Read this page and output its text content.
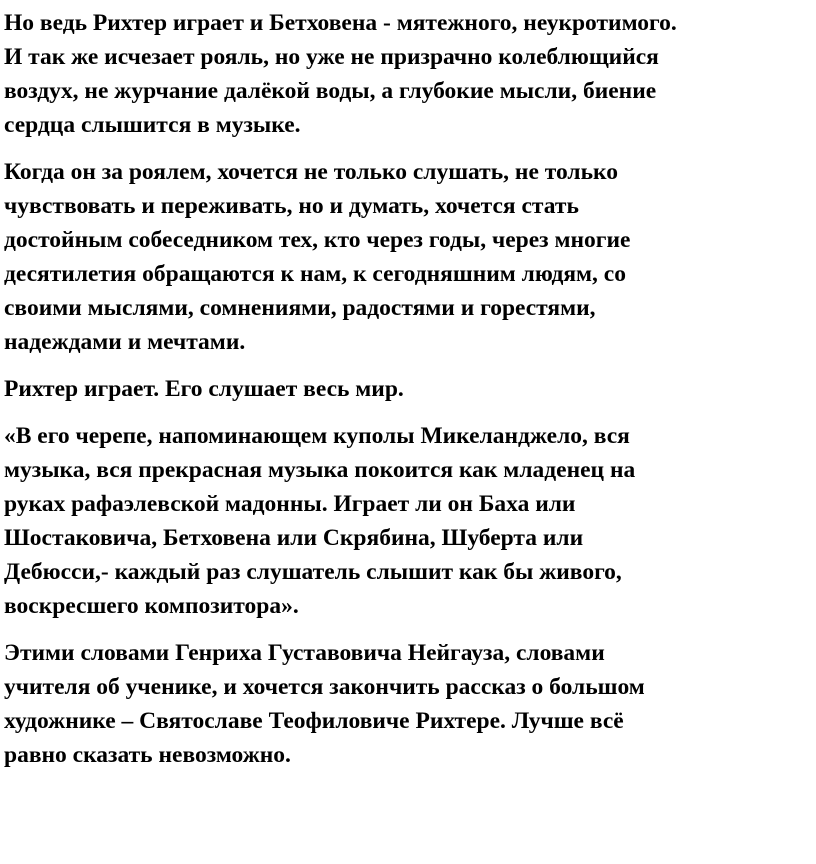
Но ведь Рихтер играет и Бетховена - мятежного, неукротимого.
И так же исчезает рояль, но уже не призрачно колеблющийся
воздух, не журчание далёкой воды, а глубокие мысли, биение
сердца слышится в музыке.

Когда он за роялем, хочется не только слушать, не только
чувствовать и переживать, но и думать, хочется стать
достойным собеседником тех, кто через годы, через многие
десятилетия обращаются к нам, к сегодняшним людям, со
своими мыслями, сомнениями, радостями и горестями,
надеждами и мечтами.

Рихтер играет. Его слушает весь мир.

«В его черепе, напоминающем куполы Микеланджело, вся
музыка, вся прекрасная музыка покоится как младенец на
руках рафаэлевской мадонны. Играет ли он Баха или
Шостаковича, Бетховена или Скрябина, Шуберта или
Дебюсси,- каждый раз слушатель слышит как бы живого,
воскресшего композитора».

Этими словами Генриха Густавовича Нейгауза, словами
учителя об ученике, и хочется закончить рассказ о большом
художнике – Святославе Теофиловиче Рихтере. Лучше всё
равно сказать невозможно.
